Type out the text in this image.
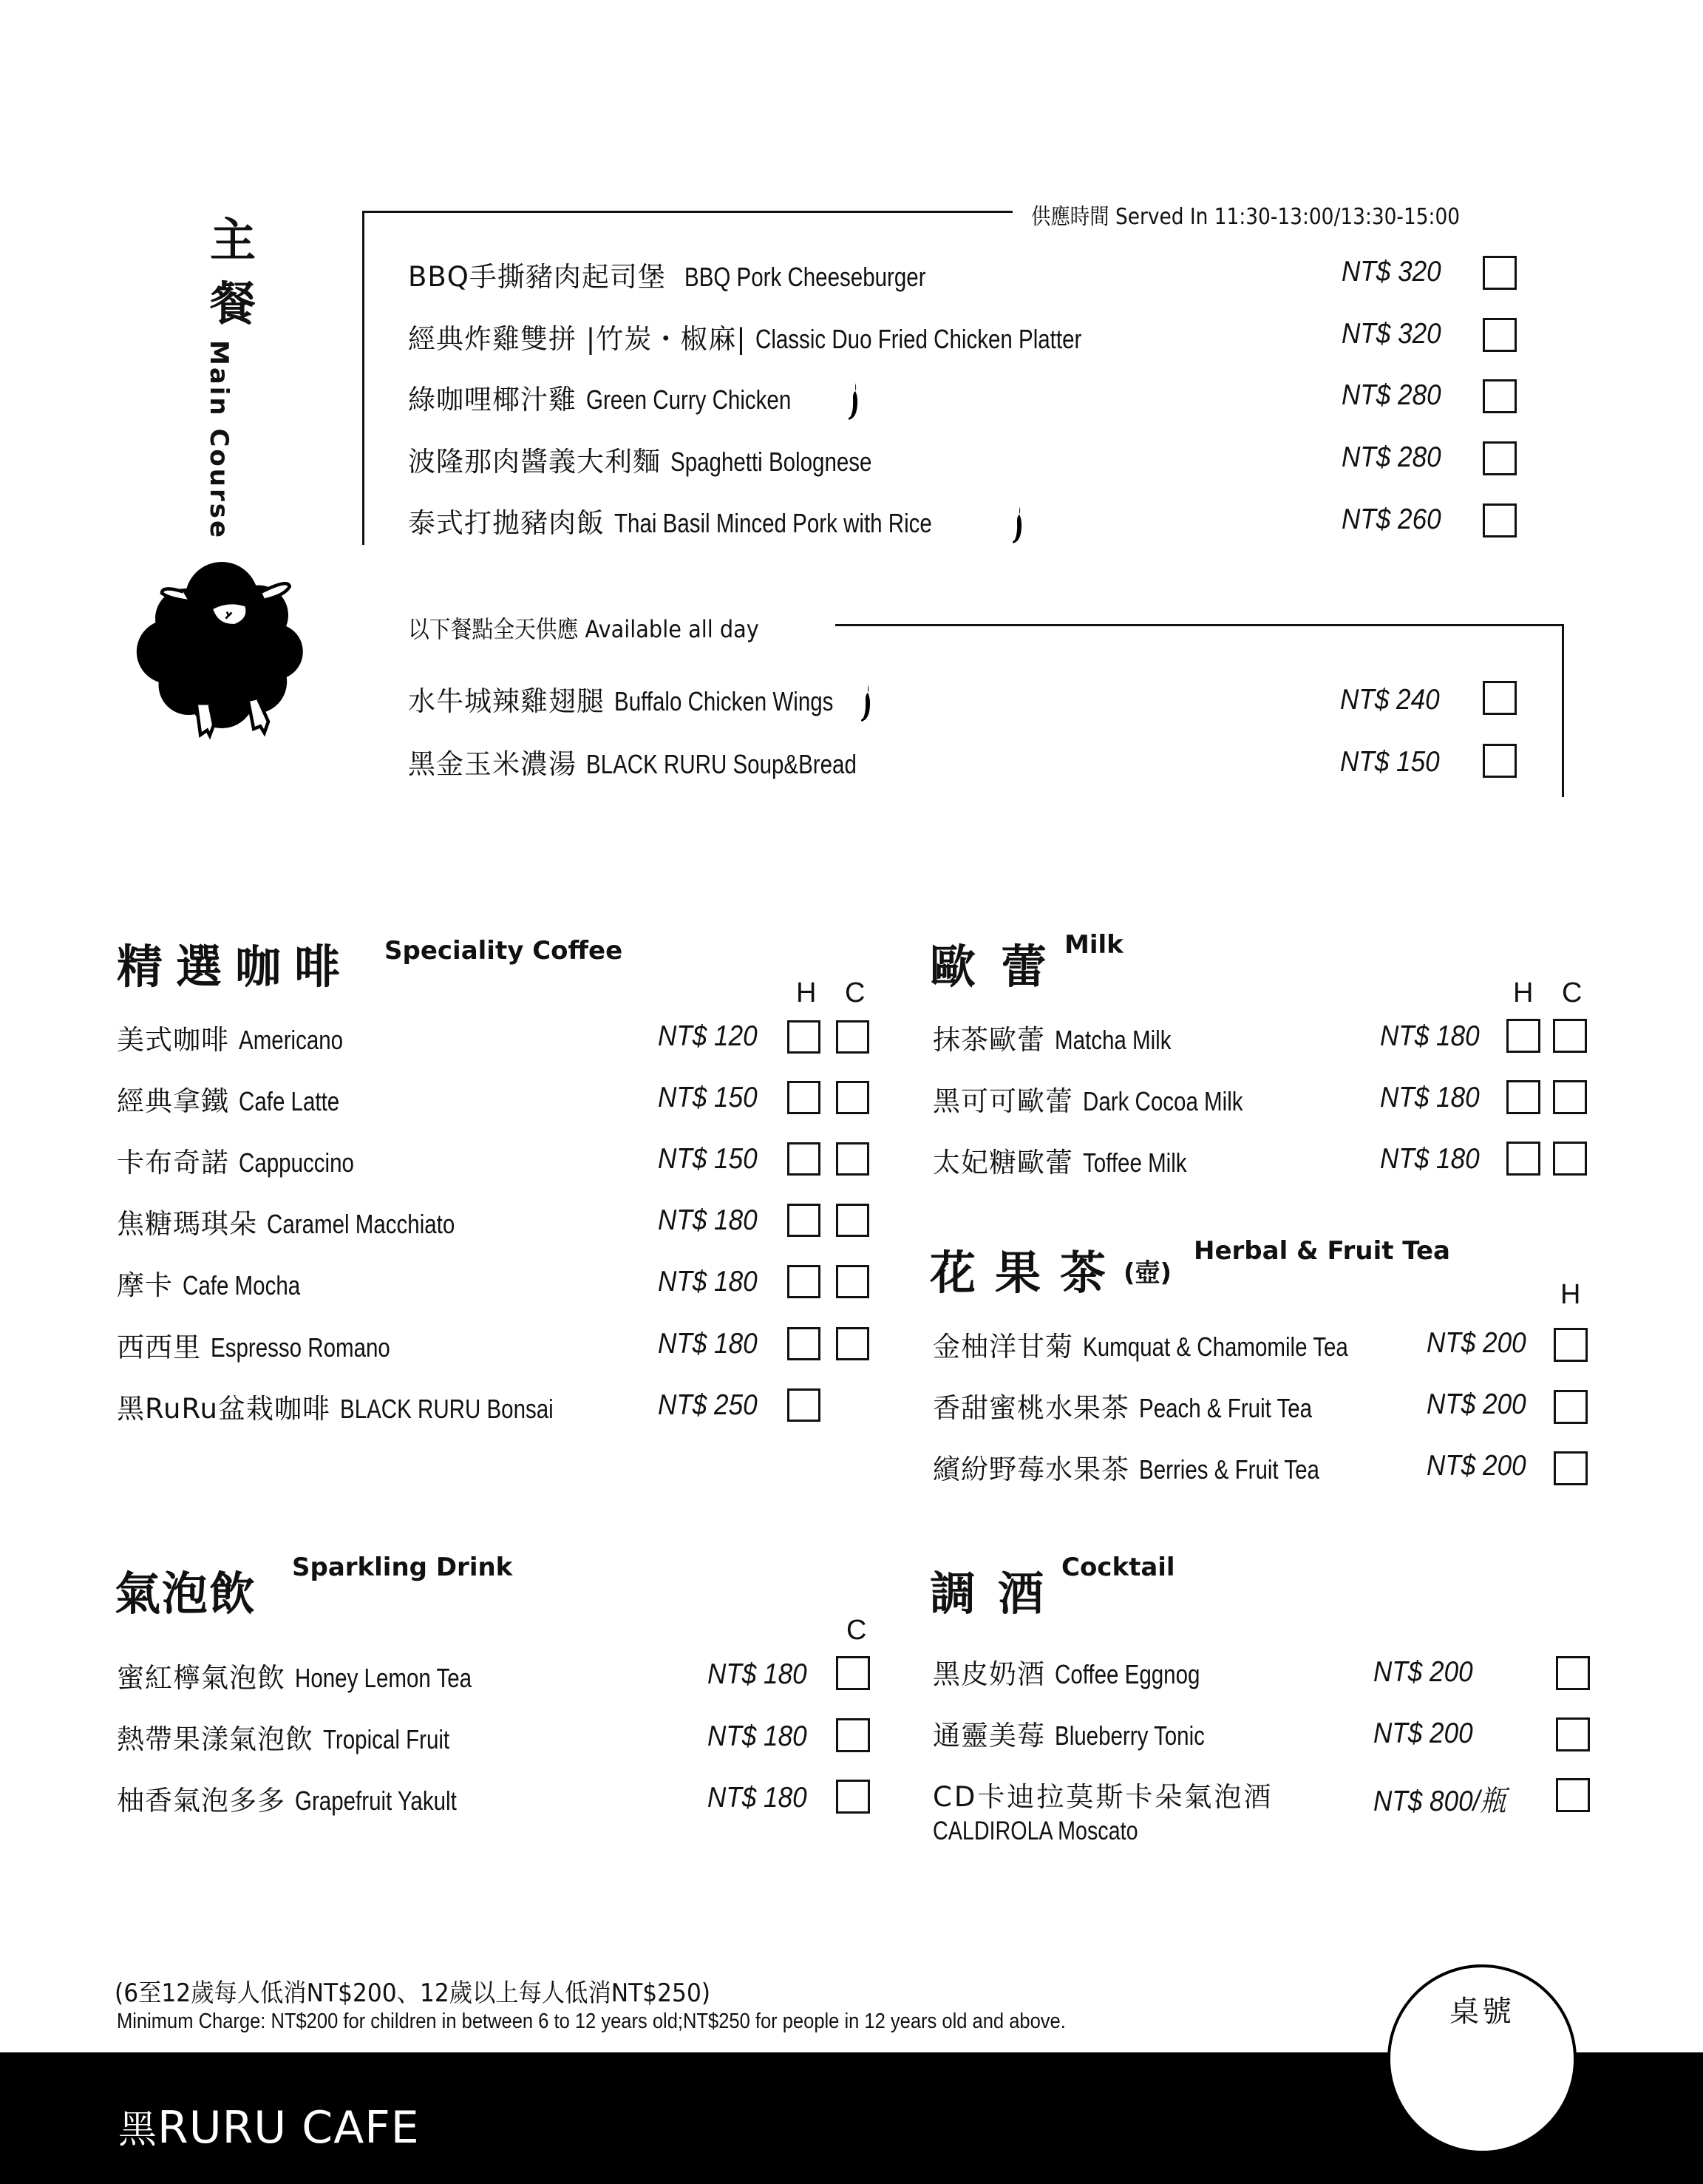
主
餐
Main Course
供應時間 Served In 11:30-13:00/13:30-15:00
BBQ手撕豬肉起司堡 BBQ Pork Cheeseburger	NT$ 320
經典炸雞雙拼 |竹炭・椒麻| Classic Duo Fried Chicken Platter	NT$ 320
綠咖哩椰汁雞 Green Curry Chicken	NT$ 280
波隆那肉醬義大利麵 Spaghetti Bolognese	NT$ 280
泰式打拋豬肉飯 Thai Basil Minced Pork with Rice	NT$ 260
以下餐點全天供應 Available all day
水牛城辣雞翅腿 Buffalo Chicken Wings	NT$ 240
黑金玉米濃湯 BLACK RURU Soup&Bread	NT$ 150
精選咖啡 Speciality Coffee
H C
美式咖啡 Americano	NT$ 120
經典拿鐵 Cafe Latte	NT$ 150
卡布奇諾 Cappuccino	NT$ 150
焦糖瑪琪朵 Caramel Macchiato	NT$ 180
摩卡 Cafe Mocha	NT$ 180
西西里 Espresso Romano	NT$ 180
黑RuRu盆栽咖啡 BLACK RURU Bonsai	NT$ 250
歐蕾
Milk
H C
抹茶歐蕾 Matcha Milk	NT$ 180
黑可可歐蕾 Dark Cocoa Milk	NT$ 180
太妃糖歐蕾 Toffee Milk	NT$ 180
花果茶
(壺)
Herbal & Fruit Tea
H
金柚洋甘菊 Kumquat & Chamomile Tea	NT$ 200
香甜蜜桃水果茶 Peach & Fruit Tea	NT$ 200
繽紛野莓水果茶 Berries & Fruit Tea	NT$ 200
氣泡飲 Sparkling Drink
C
蜜紅檸氣泡飲 Honey Lemon Tea	NT$ 180
熱帶果漾氣泡飲 Tropical Fruit	NT$ 180
柚香氣泡多多 Grapefruit Yakult	NT$ 180
調酒
Cocktail
黑皮奶酒 Coffee Eggnog	NT$ 200
通靈美莓 Blueberry Tonic	NT$ 200
CD卡迪拉莫斯卡朵氣泡酒
CALDIROLA Moscato
NT$ 800/瓶
(6至12歲每人低消NT$200、12歲以上每人低消NT$250)
Minimum Charge: NT$200 for children in between 6 to 12 years old;NT$250 for people in 12 years old and above.
黑RURU CAFE
桌號
